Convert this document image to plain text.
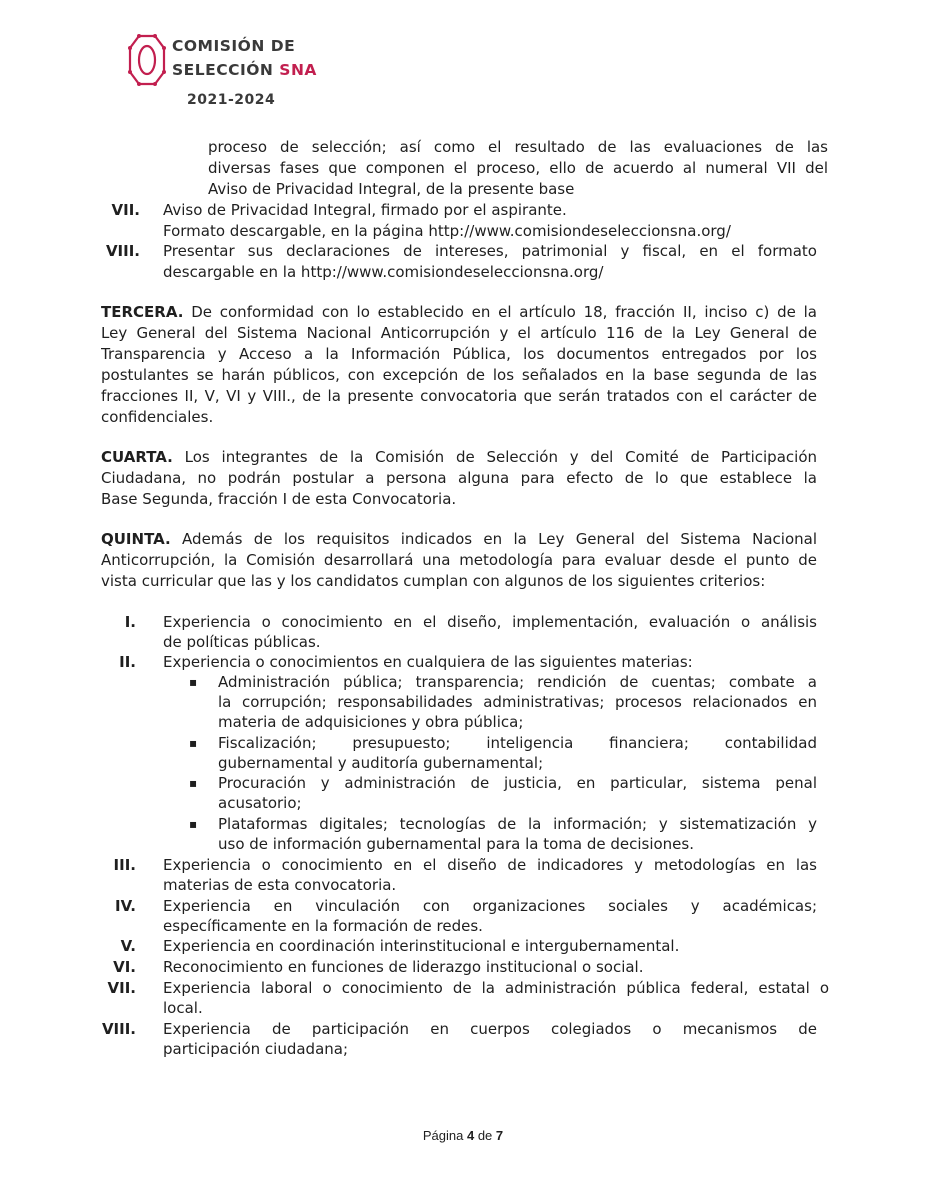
COMISIÓN DE
SELECCIÓN SNA
2021-2024
proceso de selección; así como el resultado de las evaluaciones de las
diversas fases que componen el proceso, ello de acuerdo al numeral VII del
Aviso de Privacidad Integral, de la presente base
VII. Aviso de Privacidad Integral, firmado por el aspirante.
Formato descargable, en la página http://www.comisiondeseleccionsna.org/
VIII. Presentar sus declaraciones de intereses, patrimonial y fiscal, en el formato
descargable en la http://www.comisiondeseleccionsna.org/
TERCERA. De conformidad con lo establecido en el artículo 18, fracción II, inciso c) de la
Ley General del Sistema Nacional Anticorrupción y el artículo 116 de la Ley General de
Transparencia y Acceso a la Información Pública, los documentos entregados por los
postulantes se harán públicos, con excepción de los señalados en la base segunda de las
fracciones II, V, VI y VIII., de la presente convocatoria que serán tratados con el carácter de
confidenciales.
CUARTA. Los integrantes de la Comisión de Selección y del Comité de Participación
Ciudadana, no podrán postular a persona alguna para efecto de lo que establece la
Base Segunda, fracción I de esta Convocatoria.
QUINTA. Además de los requisitos indicados en la Ley General del Sistema Nacional
Anticorrupción, la Comisión desarrollará una metodología para evaluar desde el punto de
vista curricular que las y los candidatos cumplan con algunos de los siguientes criterios:
I. Experiencia o conocimiento en el diseño, implementación, evaluación o análisis
de políticas públicas.
II. Experiencia o conocimientos en cualquiera de las siguientes materias:
▪ Administración pública; transparencia; rendición de cuentas; combate a
la corrupción; responsabilidades administrativas; procesos relacionados en
materia de adquisiciones y obra pública;
▪ Fiscalización; presupuesto; inteligencia financiera; contabilidad
gubernamental y auditoría gubernamental;
▪ Procuración y administración de justicia, en particular, sistema penal
acusatorio;
▪ Plataformas digitales; tecnologías de la información; y sistematización y
uso de información gubernamental para la toma de decisiones.
III. Experiencia o conocimiento en el diseño de indicadores y metodologías en las
materias de esta convocatoria.
IV. Experiencia en vinculación con organizaciones sociales y académicas;
específicamente en la formación de redes.
V. Experiencia en coordinación interinstitucional e intergubernamental.
VI. Reconocimiento en funciones de liderazgo institucional o social.
VII. Experiencia laboral o conocimiento de la administración pública federal, estatal o
local.
VIII. Experiencia de participación en cuerpos colegiados o mecanismos de
participación ciudadana;
Página 4 de 7
